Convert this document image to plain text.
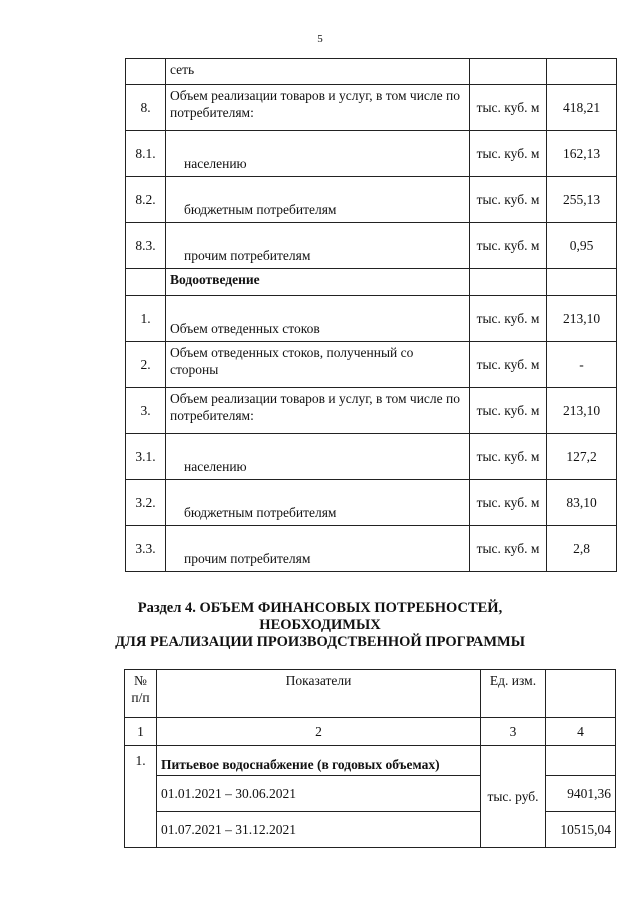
5
	сеть		
8.	Объем реализации товаров и услуг, в том числе по потребителям:	тыс. куб. м	418,21
8.1.	населению	тыс. куб. м	162,13
8.2.	бюджетным потребителям	тыс. куб. м	255,13
8.3.	прочим потребителям	тыс. куб. м	0,95
	Водоотведение		
1.	Объем отведенных стоков	тыс. куб. м	213,10
2.	Объем отведенных стоков, полученный со стороны	тыс. куб. м	-
3.	Объем реализации товаров и услуг, в том числе по потребителям:	тыс. куб. м	213,10
3.1.	населению	тыс. куб. м	127,2
3.2.	бюджетным потребителям	тыс. куб. м	83,10
3.3.	прочим потребителям	тыс. куб. м	2,8
Раздел 4. ОБЪЕМ ФИНАНСОВЫХ ПОТРЕБНОСТЕЙ,
НЕОБХОДИМЫХ
ДЛЯ РЕАЛИЗАЦИИ ПРОИЗВОДСТВЕННОЙ ПРОГРАММЫ
№ п/п	Показатели	Ед. изм.	
1	2	3	4
1.	Питьевое водоснабжение (в годовых объемах)	тыс. руб.	
	01.01.2021 – 30.06.2021		9401,36
	01.07.2021 – 31.12.2021		10515,04
